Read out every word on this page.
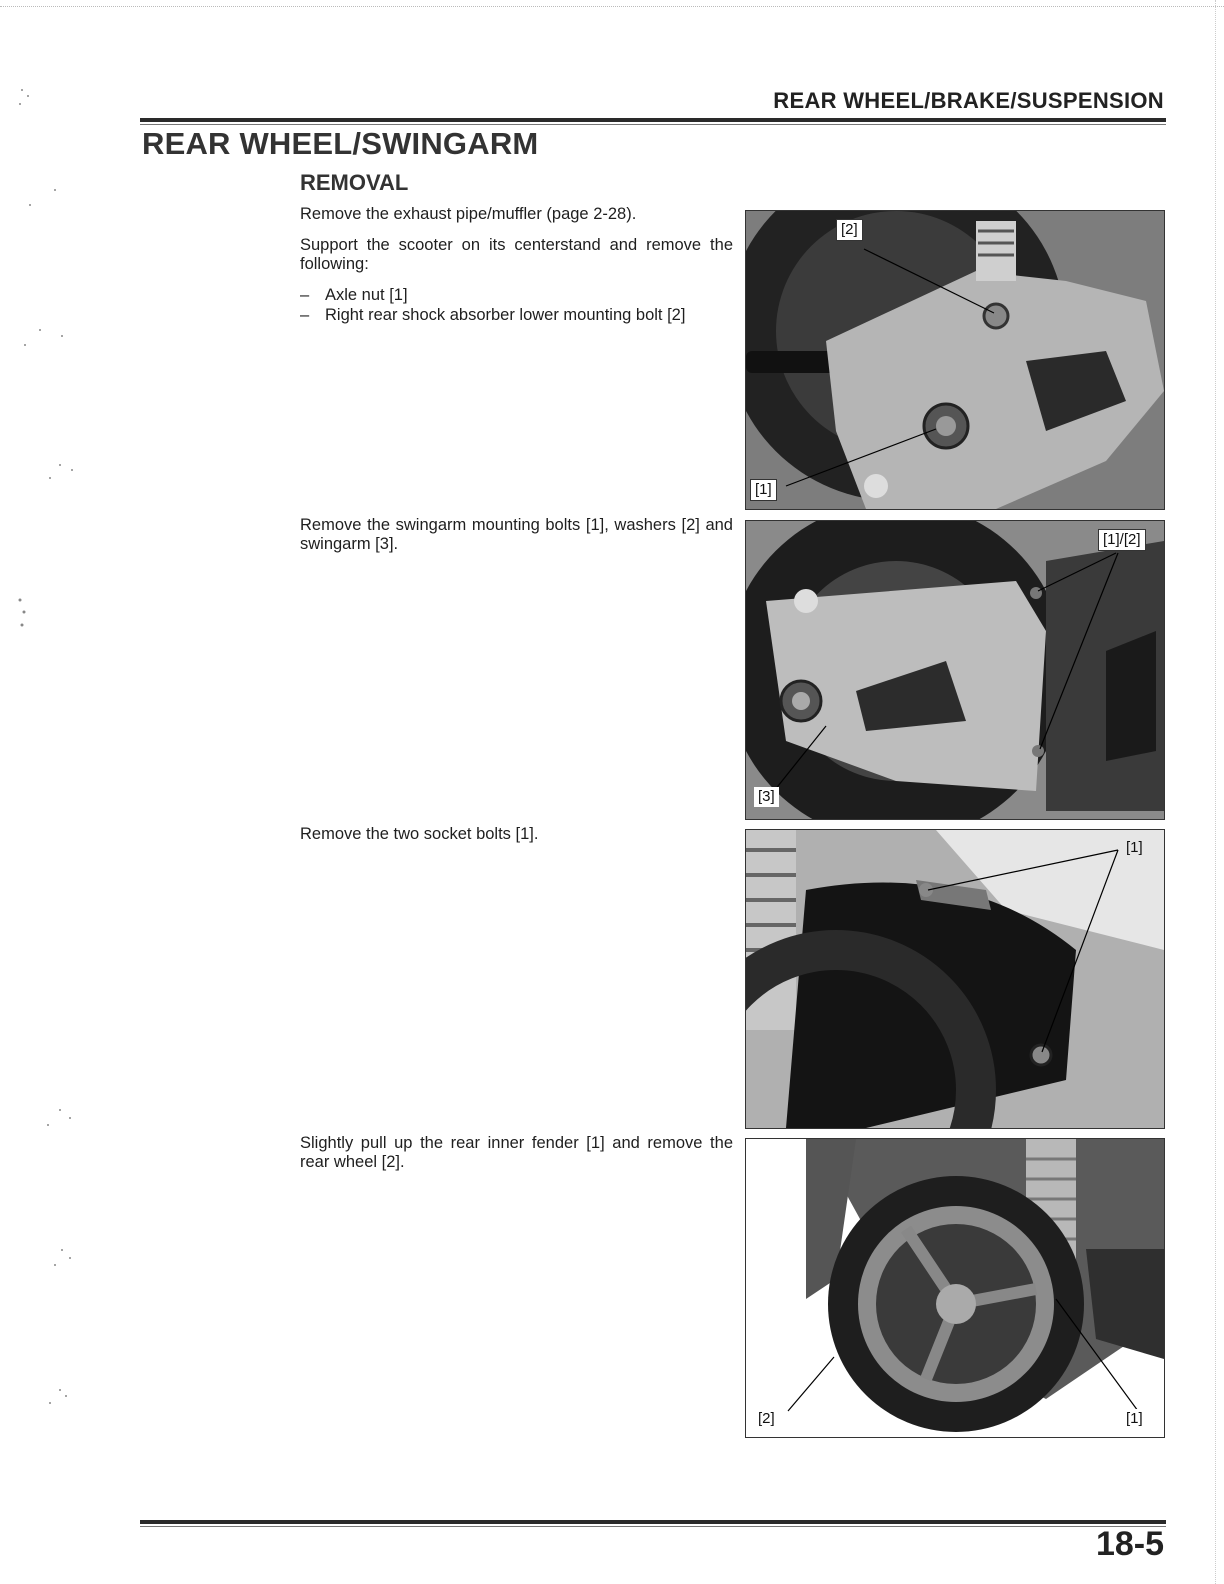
REAR WHEEL/BRAKE/SUSPENSION
REAR WHEEL/SWINGARM
REMOVAL
Remove the exhaust pipe/muffler (page 2-28).
Support the scooter on its centerstand and remove the following:
– Axle nut [1]
– Right rear shock absorber lower mounting bolt [2]
[2]
[1]
Remove the swingarm mounting bolts [1], washers [2] and swingarm [3].	[1]/[2]
[3]
Remove the two socket bolts [1].
[1]
Slightly pull up the rear inner fender [1] and remove the rear wheel [2].
[2]	[1]
18-5
